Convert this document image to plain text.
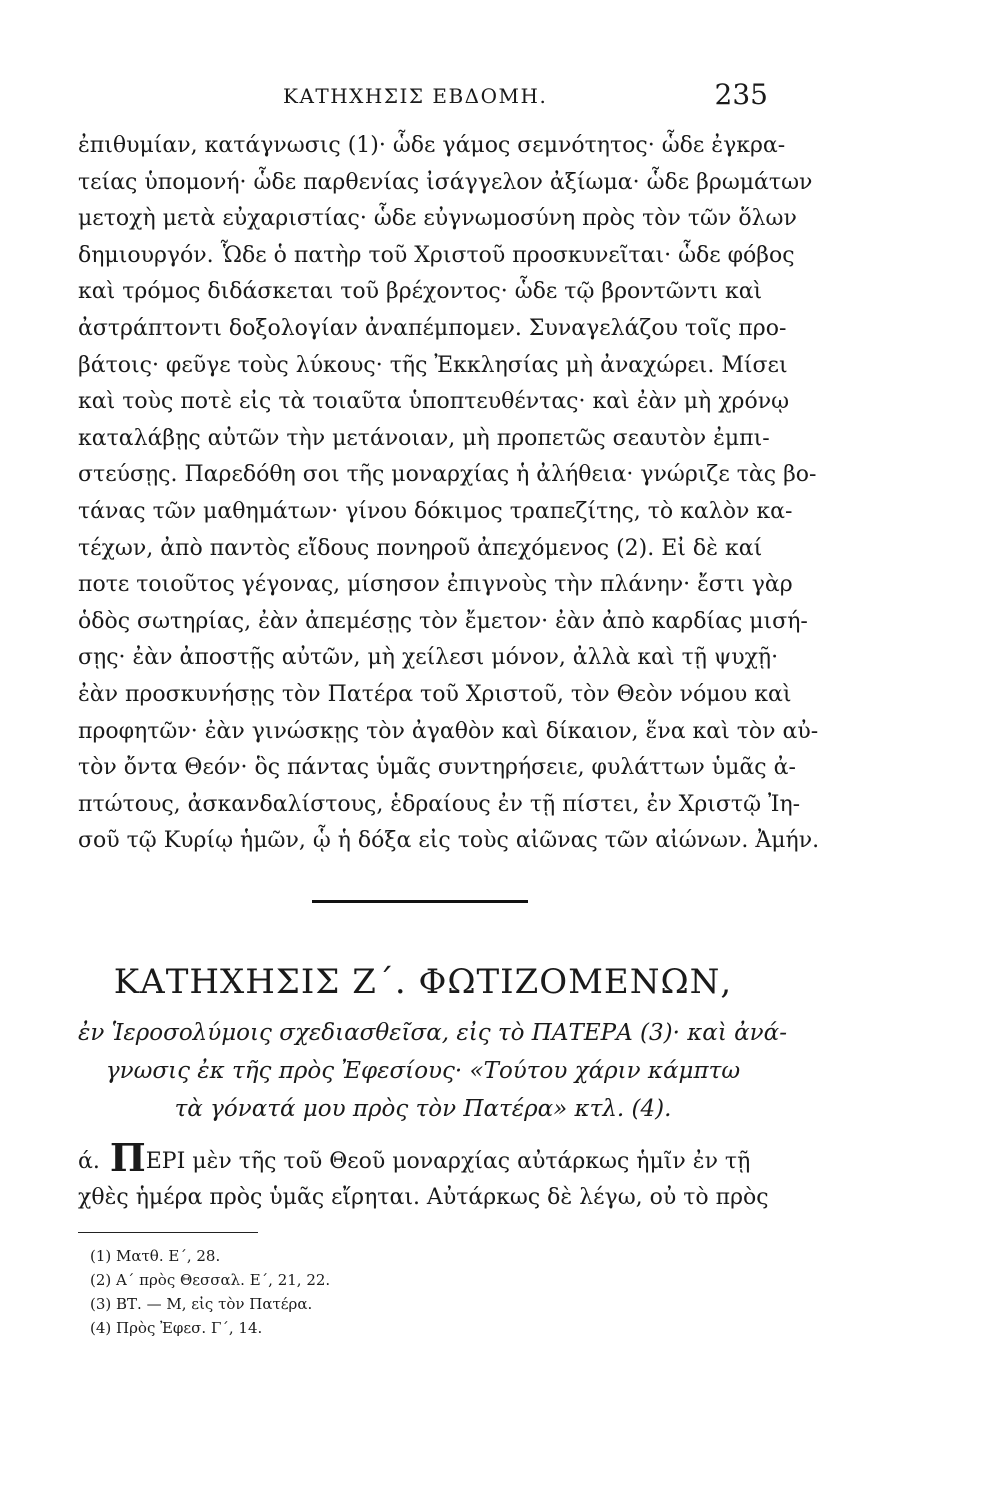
ΚΑΤΗΧΗΣΙΣ ΕΒΔΟΜΗ.	235

ἐπιθυμίαν, κατάγνωσις (1)· ὧδε γάμος σεμνότητος· ὧδε ἐγκρα-
τείας ὑπομονή· ὧδε παρθενίας ἰσάγγελον ἀξίωμα· ὧδε βρωμάτων
μετοχὴ μετὰ εὐχαριστίας· ὧδε εὐγνωμοσύνη πρὸς τὸν τῶν ὅλων
δημιουργόν. Ὧδε ὁ πατὴρ τοῦ Χριστοῦ προσκυνεῖται· ὧδε φόβος
καὶ τρόμος διδάσκεται τοῦ βρέχοντος· ὧδε τῷ βροντῶντι καὶ
ἀστράπτοντι δοξολογίαν ἀναπέμπομεν. Συναγελάζου τοῖς προ-
βάτοις· φεῦγε τοὺς λύκους· τῆς Ἐκκλησίας μὴ ἀναχώρει. Μίσει
καὶ τοὺς ποτὲ εἰς τὰ τοιαῦτα ὑποπτευθέντας· καὶ ἐὰν μὴ χρόνῳ
καταλάβῃς αὐτῶν τὴν μετάνοιαν, μὴ προπετῶς σεαυτὸν ἐμπι-
στεύσῃς. Παρεδόθη σοι τῆς μοναρχίας ἡ ἀλήθεια· γνώριζε τὰς βο-
τάνας τῶν μαθημάτων· γίνου δόκιμος τραπεζίτης, τὸ καλὸν κα-
τέχων, ἀπὸ παντὸς εἴδους πονηροῦ ἀπεχόμενος (2). Εἰ δὲ καί
ποτε τοιοῦτος γέγονας, μίσησον ἐπιγνοὺς τὴν πλάνην· ἔστι γὰρ
ὁδὸς σωτηρίας, ἐὰν ἀπεμέσῃς τὸν ἔμετον· ἐὰν ἀπὸ καρδίας μισή-
σῃς· ἐὰν ἀποστῇς αὐτῶν, μὴ χείλεσι μόνον, ἀλλὰ καὶ τῇ ψυχῇ·
ἐὰν προσκυνήσῃς τὸν Πατέρα τοῦ Χριστοῦ, τὸν Θεὸν νόμου καὶ
προφητῶν· ἐὰν γινώσκῃς τὸν ἀγαθὸν καὶ δίκαιον, ἕνα καὶ τὸν αὐ-
τὸν ὄντα Θεόν· ὃς πάντας ὑμᾶς συντηρήσειε, φυλάττων ὑμᾶς ἀ-
πτώτους, ἀσκανδαλίστους, ἑδραίους ἐν τῇ πίστει, ἐν Χριστῷ Ἰη-
σοῦ τῷ Κυρίῳ ἡμῶν, ᾧ ἡ δόξα εἰς τοὺς αἰῶνας τῶν αἰώνων. Ἀμήν.

ΚΑΤΗΧΗΣΙΣ Ζ΄. ΦΩΤΙΖΟΜΕΝΩΝ,
ἐν Ἱεροσολύμοις σχεδιασθεῖσα, εἰς τὸ ΠΑΤΕΡΑ (3)· καὶ ἀνά-
γνωσις ἐκ τῆς πρὸς Ἐφεσίους· «Τούτου χάριν κάμπτω
τὰ γόνατά μου πρὸς τὸν Πατέρα» κτλ. (4).
ά. ΠΕΡΙ μὲν τῆς τοῦ Θεοῦ μοναρχίας αὐτάρκως ἡμῖν ἐν τῇ
χθὲς ἡμέρα πρὸς ὑμᾶς εἴρηται. Αὐτάρκως δὲ λέγω, οὐ τὸ πρὸς
(1) Ματθ. Ε΄, 28.
(2) Α΄ πρὸς Θεσσαλ. Ε΄, 21, 22.
(3) ΒΤ. — Μ, εἰς τὸν Πατέρα.
(4) Πρὸς Ἐφεσ. Γ΄, 14.
